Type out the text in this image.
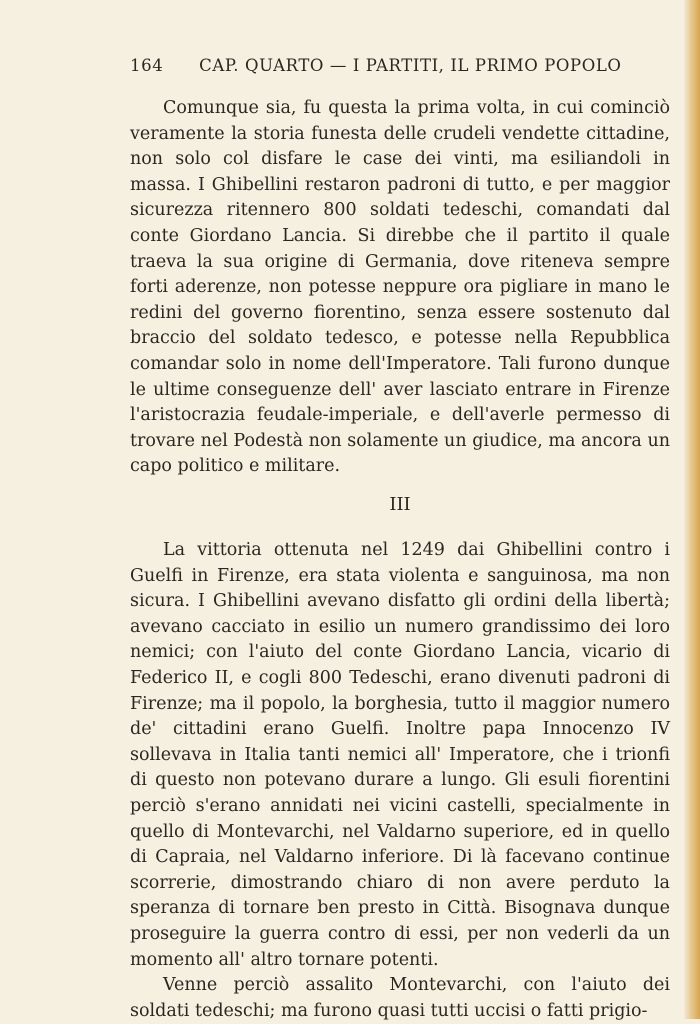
164 CAP. QUARTO — I PARTITI, IL PRIMO POPOLO

Comunque sia, fu questa la prima volta, in cui cominciò veramente la storia funesta delle crudeli vendette cittadine, non solo col disfare le case dei vinti, ma esiliandoli in massa. I Ghibellini restaron padroni di tutto, e per maggior sicurezza ritennero 800 soldati tedeschi, comandati dal conte Giordano Lancia. Si direbbe che il partito il quale traeva la sua origine di Germania, dove riteneva sempre forti aderenze, non potesse neppure ora pigliare in mano le redini del governo fiorentino, senza essere sostenuto dal braccio del soldato tedesco, e potesse nella Repubblica comandar solo in nome dell'Imperatore. Tali furono dunque le ultime conseguenze dell' aver lasciato entrare in Firenze l'aristocrazia feudale-imperiale, e dell'averle permesso di trovare nel Podestà non solamente un giudice, ma ancora un capo politico e militare.

III

La vittoria ottenuta nel 1249 dai Ghibellini contro i Guelfi in Firenze, era stata violenta e sanguinosa, ma non sicura. I Ghibellini avevano disfatto gli ordini della libertà; avevano cacciato in esilio un numero grandissimo dei loro nemici; con l'aiuto del conte Giordano Lancia, vicario di Federico II, e cogli 800 Tedeschi, erano divenuti padroni di Firenze; ma il popolo, la borghesia, tutto il maggior numero de' cittadini erano Guelfi. Inoltre papa Innocenzo IV sollevava in Italia tanti nemici all' Imperatore, che i trionfi di questo non potevano durare a lungo. Gli esuli fiorentini perciò s'erano annidati nei vicini castelli, specialmente in quello di Montevarchi, nel Valdarno superiore, ed in quello di Capraia, nel Valdarno inferiore. Di là facevano continue scorrerie, dimostrando chiaro di non avere perduto la speranza di tornare ben presto in Città. Bisognava dunque proseguire la guerra contro di essi, per non vederli da un momento all' altro tornare potenti.

Venne perciò assalito Montevarchi, con l'aiuto dei soldati tedeschi; ma furono quasi tutti uccisi o fatti prigio-
